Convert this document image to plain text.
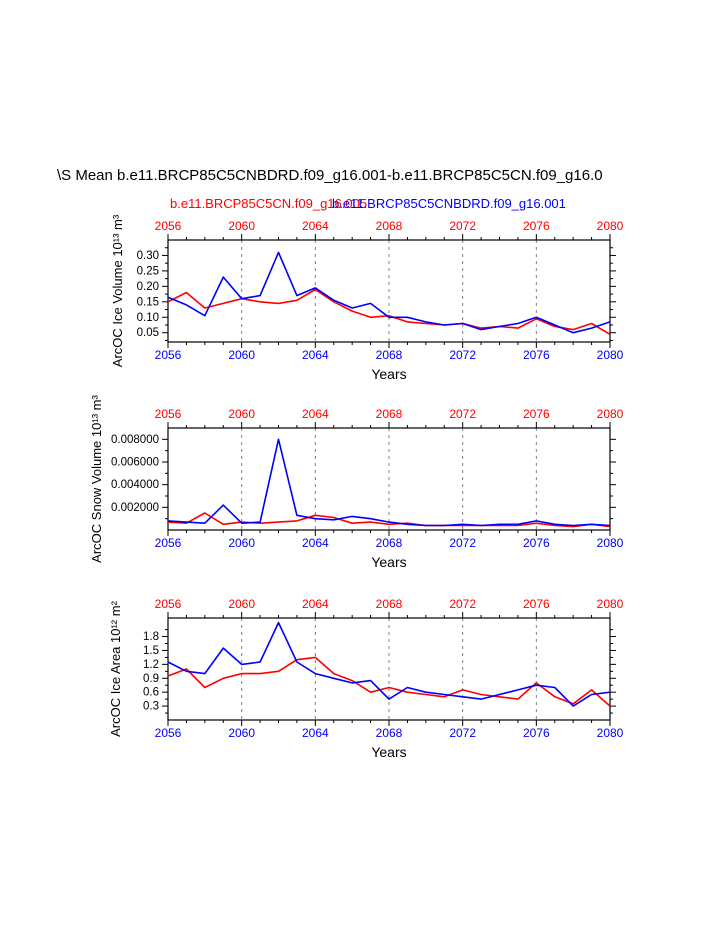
\S Mean b.e11.BRCP85C5CNBDRD.f09_g16.001-b.e11.BRCP85C5CN.f09_g16.0
b.e11.BRCP85C5CN.f09_g16.005
b.e11.BRCP85C5CNBDRD.f09_g16.001
ArcOC Ice Volume 10¹³ m³ 2056
2056
2060
2060
2064
2064
2068
2068
2072
2072
2076
2076
2080
2080
0.05
0.10
0.15
0.20
0.25
0.30
Years
ArcOC Snow Volume 10¹³ m³	2056
2056
2060
2060
2064
2064
2068
2068
2072
2072
2076
2076
2080
2080
0.002000
0.004000
0.006000
0.008000
Years
ArcOC Ice Area 10¹² m²	2056
2056
2060
2060
2064
2064
2068
2068
2072
2072
2076
2076
2080
2080
0.3
0.6
0.9
1.2
1.5
1.8
Years
